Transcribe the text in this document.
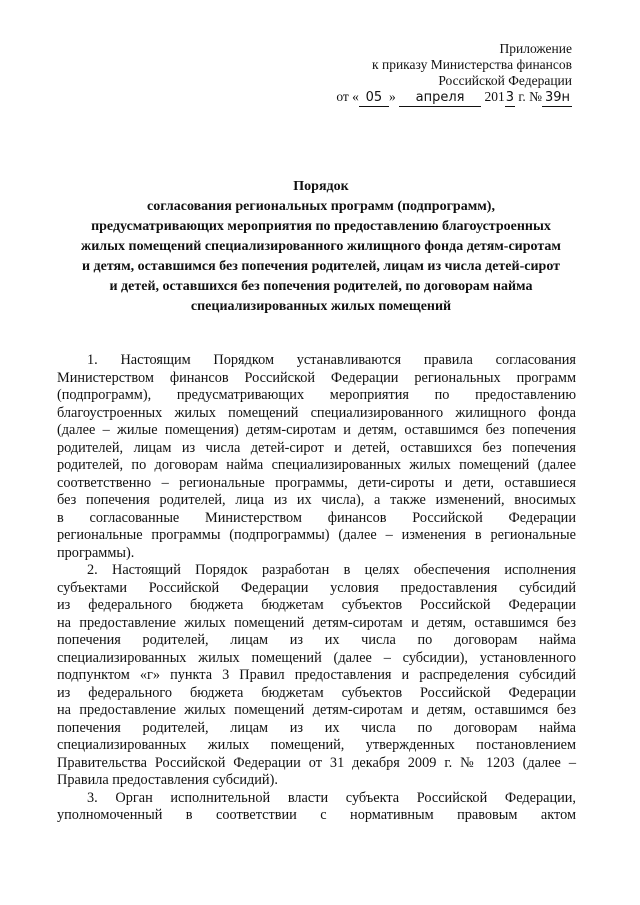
Приложение
к приказу Министерства финансов
Российской Федерации
от « 05 » апреля 2013 г. № 39н
Порядок
согласования региональных программ (подпрограмм),
предусматривающих мероприятия по предоставлению благоустроенных
жилых помещений специализированного жилищного фонда детям-сиротам
и детям, оставшимся без попечения родителей, лицам из числа детей-сирот
и детей, оставшихся без попечения родителей, по договорам найма
специализированных жилых помещений
1. Настоящим Порядком устанавливаются правила согласования
Министерством финансов Российской Федерации региональных программ
(подпрограмм), предусматривающих мероприятия по предоставлению
благоустроенных жилых помещений специализированного жилищного фонда
(далее – жилые помещения) детям-сиротам и детям, оставшимся без попечения
родителей, лицам из числа детей-сирот и детей, оставшихся без попечения
родителей, по договорам найма специализированных жилых помещений (далее
соответственно – региональные программы, дети-сироты и дети, оставшиеся
без попечения родителей, лица из их числа), а также изменений, вносимых
в согласованные Министерством финансов Российской Федерации
региональные программы (подпрограммы) (далее – изменения в региональные
программы).
2. Настоящий Порядок разработан в целях обеспечения исполнения
субъектами Российской Федерации условия предоставления субсидий
из федерального бюджета бюджетам субъектов Российской Федерации
на предоставление жилых помещений детям-сиротам и детям, оставшимся без
попечения родителей, лицам из их числа по договорам найма
специализированных жилых помещений (далее – субсидии), установленного
подпунктом «г» пункта 3 Правил предоставления и распределения субсидий
из федерального бюджета бюджетам субъектов Российской Федерации
на предоставление жилых помещений детям-сиротам и детям, оставшимся без
попечения родителей, лицам из их числа по договорам найма
специализированных жилых помещений, утвержденных постановлением
Правительства Российской Федерации от 31 декабря 2009 г. № 1203 (далее –
Правила предоставления субсидий).
3. Орган исполнительной власти субъекта Российской Федерации,
уполномоченный в соответствии с нормативным правовым актом
